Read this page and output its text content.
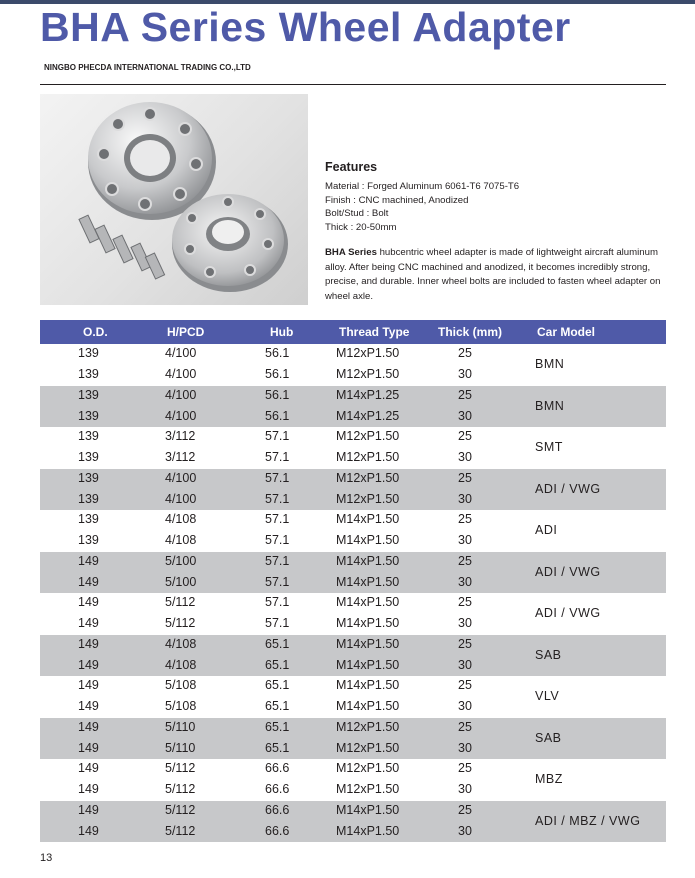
BHA Series Wheel Adapter
NINGBO PHECDA INTERNATIONAL TRADING CO.,LTD
Features
Material : Forged Aluminum 6061-T6 7075-T6
Finish : CNC machined, Anodized
Bolt/Stud : Bolt
Thick : 20-50mm

BHA Series hubcentric wheel adapter is made of lightweight aircraft aluminum alloy. After being CNC machined and anodized, it becomes incredibly strong, precise, and durable. Inner wheel bolts are included to fasten wheel adapter on wheel axle.

O.D.	H/PCD	Hub	Thread Type Thick (mm)	Car Model
139	4/100	56.1	M12xP1.50	25
139	4/100	56.1	M12xP1.50	30
BMN
139	4/100	56.1	M14xP1.25	25
139	4/100	56.1	M14xP1.25	30
BMN
139	3/112	57.1	M12xP1.50	25
139	3/112	57.1	M12xP1.50	30
SMT
139	4/100	57.1	M12xP1.50	25
139	4/100	57.1	M12xP1.50	30
ADI / VWG
139	4/108	57.1	M14xP1.50	25
139	4/108	57.1	M14xP1.50	30
ADI
149	5/100	57.1	M14xP1.50	25
149	5/100	57.1	M14xP1.50	30
ADI / VWG
149	5/112	57.1	M14xP1.50	25
149	5/112	57.1	M14xP1.50	30
ADI / VWG
149	4/108	65.1	M14xP1.50	25
149	4/108	65.1	M14xP1.50	30
SAB
149	5/108	65.1	M14xP1.50	25
149	5/108	65.1	M14xP1.50	30
VLV
149	5/110	65.1	M12xP1.50	25
149	5/110	65.1	M12xP1.50	30
SAB
149	5/112	66.6	M12xP1.50	25
149	5/112	66.6	M12xP1.50	30
MBZ
149	5/112	66.6	M14xP1.50	25
149	5/112	66.6	M14xP1.50	30
ADI / MBZ / VWG
13
